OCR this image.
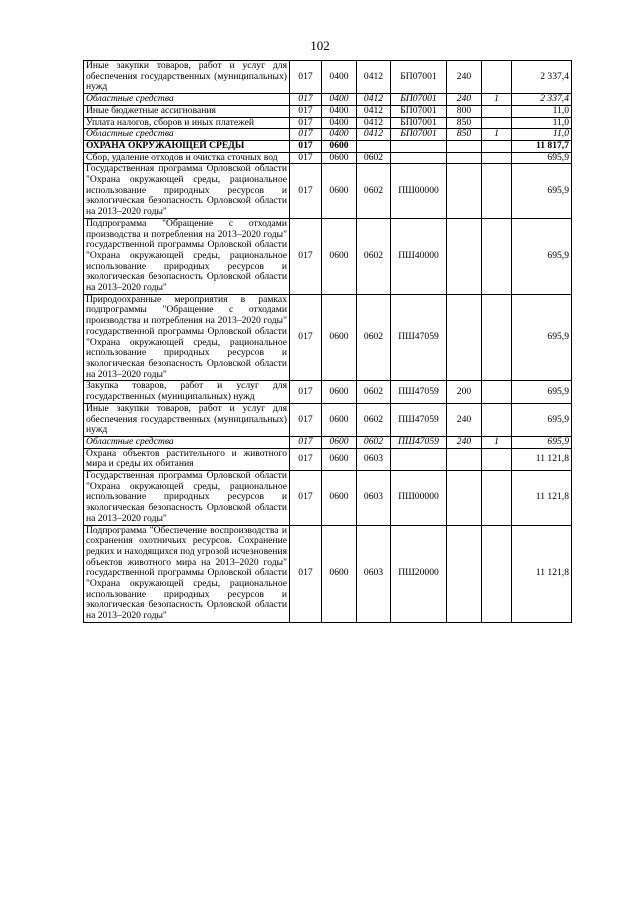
102
Иные закупки товаров, работ и услуг для обеспечения государственных (муниципальных) нужд	017	0400	0412	БП07001	240		2 337,4
Областные средства	017	0400	0412	БП07001	240	1	2 337,4
Иные бюджетные ассигнования	017	0400	0412	БП07001	800		11,0
Уплата налогов, сборов и иных платежей	017	0400	0412	БП07001	850		11,0
Областные средства	017	0400	0412	БП07001	850	1	11,0
ОХРАНА ОКРУЖАЮЩЕЙ СРЕДЫ	017	0600					11 817,7
Сбор, удаление отходов и очистка сточных вод	017	0600	0602				695,9
Государственная программа Орловской области "Охрана окружающей среды, рациональное использование природных ресурсов и экологическая безопасность Орловской области на 2013–2020 годы"	017	0600	0602	ПШ00000			695,9
Подпрограмма "Обращение с отходами производства и потребления на 2013–2020 годы" государственной программы Орловской области "Охрана окружающей среды, рациональное использование природных ресурсов и экологическая безопасность Орловской области на 2013–2020 годы"	017	0600	0602	ПШ40000			695,9
Природоохранные мероприятия в рамках подпрограммы "Обращение с отходами производства и потребления на 2013–2020 годы" государственной программы Орловской области "Охрана окружающей среды, рациональное использование природных ресурсов и экологическая безопасность Орловской области на 2013–2020 годы"	017	0600	0602	ПШ47059			695,9
Закупка товаров, работ и услуг для государственных (муниципальных) нужд	017	0600	0602	ПШ47059	200		695,9
Иные закупки товаров, работ и услуг для обеспечения государственных (муниципальных) нужд	017	0600	0602	ПШ47059	240		695,9
Областные средства	017	0600	0602	ПШ47059	240	1	695,9
Охрана объектов растительного и животного мира и среды их обитания	017	0600	0603				11 121,8
Государственная программа Орловской области "Охрана окружающей среды, рациональное использование природных ресурсов и экологическая безопасность Орловской области на 2013–2020 годы"	017	0600	0603	ПШ00000			11 121,8
Подпрограмма "Обеспечение воспроизводства и сохранения охотничьих ресурсов. Сохранение редких и находящихся под угрозой исчезновения объектов животного мира на 2013–2020 годы" государственной программы Орловской области "Охрана окружающей среды, рациональное использование природных ресурсов и экологическая безопасность Орловской области на 2013–2020 годы"	017	0600	0603	ПШ20000			11 121,8
